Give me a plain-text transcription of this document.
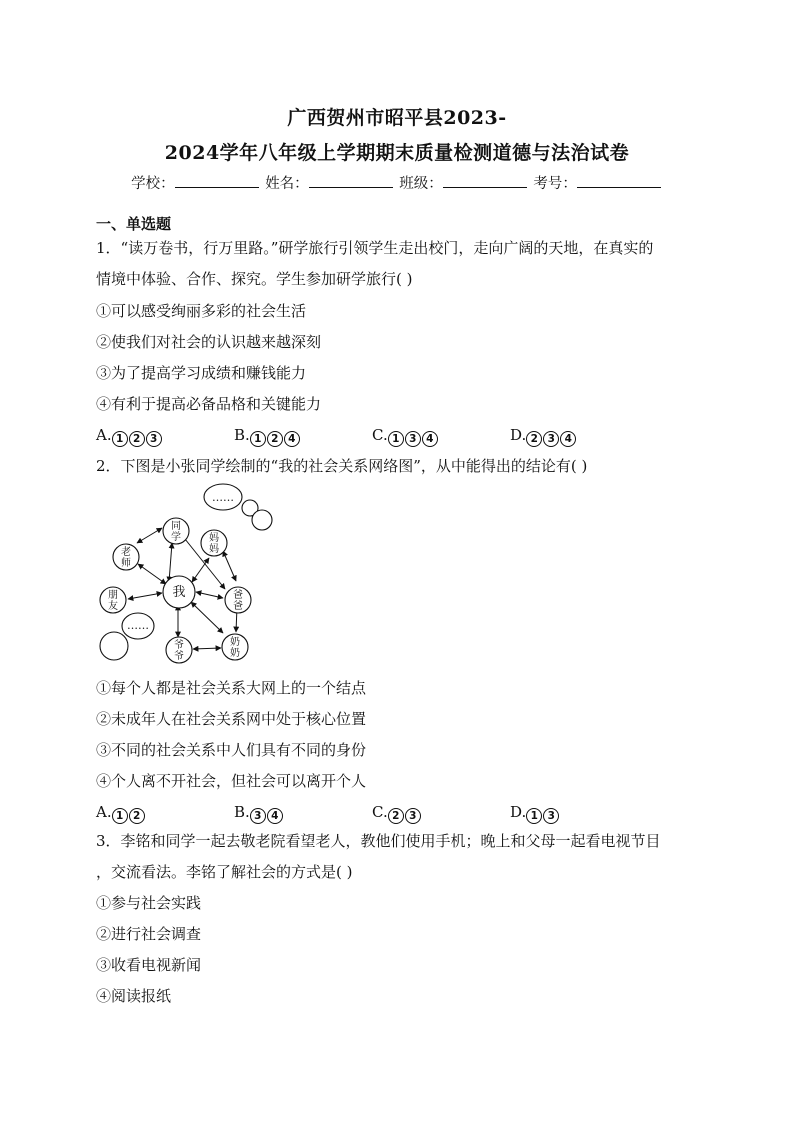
广西贺州市昭平县2023-
2024学年八年级上学期期末质量检测道德与法治试卷
学校：	姓名：	班级：	考号：
一、单选题
1．“读万卷书，行万里路。”研学旅行引领学生走出校门，走向广阔的天地，在真实的
情境中体验、合作、探究。学生参加研学旅行( )
①可以感受绚丽多彩的社会生活
②使我们对社会的认识越来越深刻
③为了提高学习成绩和赚钱能力
④有利于提高必备品格和关键能力
A. 1 2 3	B. 1 2 4	C. 1 3 4	D. 2 3 4
2．下图是小张同学绘制的“我的社会关系网络图”，从中能得出的结论有( )
……
……
我
同
学
老
师
朋
友
妈
妈
爸
爸
爷
爷
奶
奶
①每个人都是社会关系大网上的一个结点
②未成年人在社会关系网中处于核心位置
③不同的社会关系中人们具有不同的身份
④个人离不开社会，但社会可以离开个人
A. 1 2	B. 3 4	C. 2 3	D. 1 3
3．李铭和同学一起去敬老院看望老人，教他们使用手机；晚上和父母一起看电视节目
，交流看法。李铭了解社会的方式是( )
①参与社会实践
②进行社会调查
③收看电视新闻
④阅读报纸
